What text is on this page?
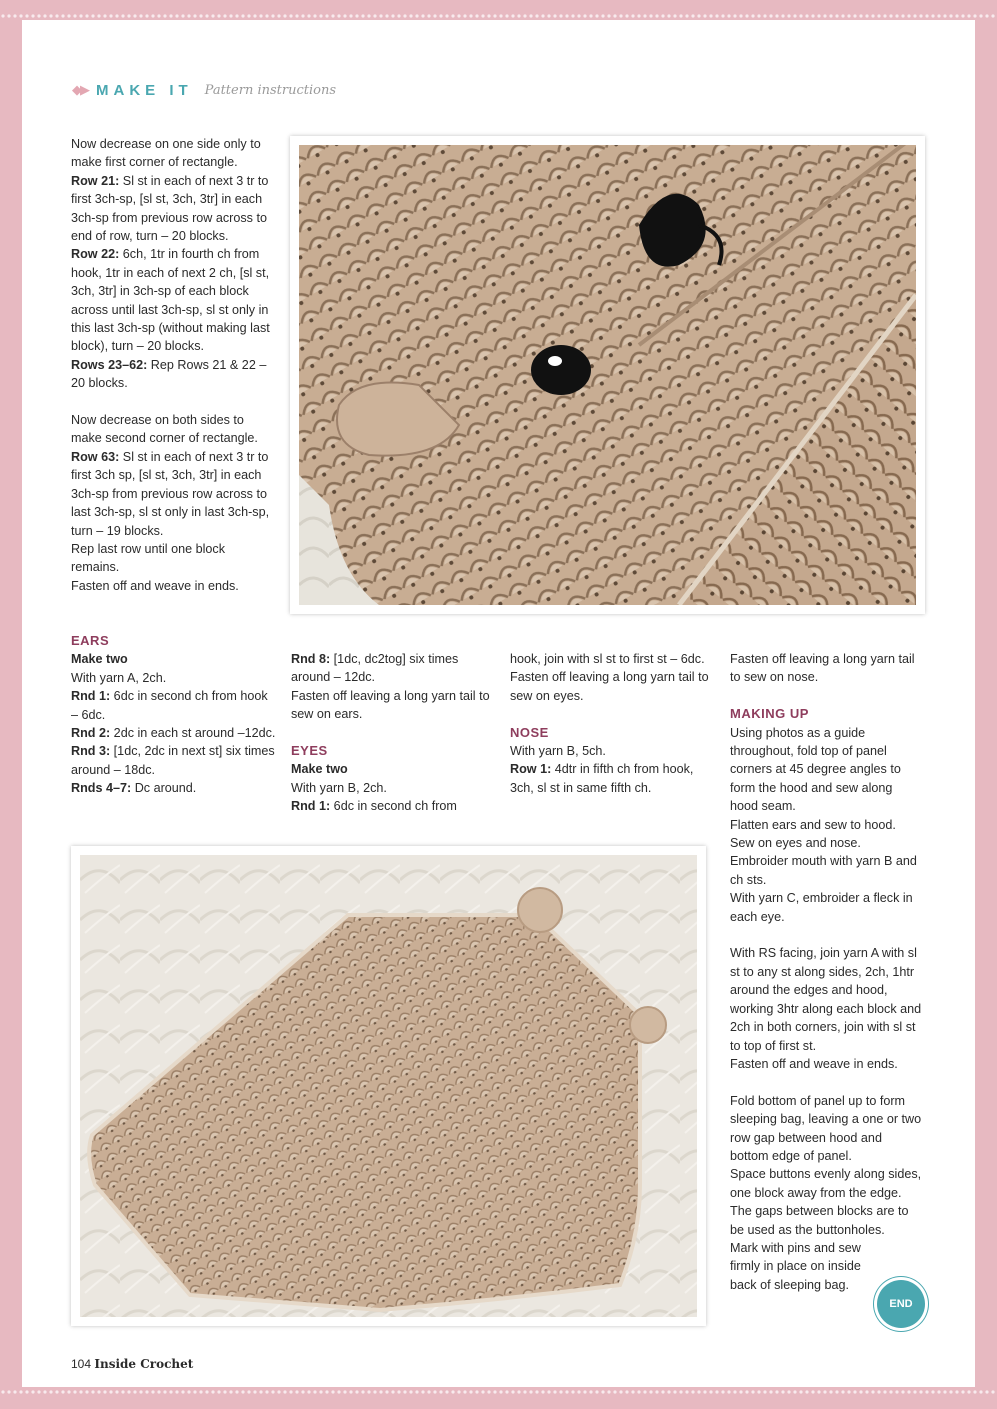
◆▶ MAKE IT Pattern instructions

Now decrease on one side only to make first corner of rectangle.

Row 21: Sl st in each of next 3 tr to first 3ch-sp, [sl st, 3ch, 3tr] in each 3ch-sp from previous row across to end of row, turn – 20 blocks.

Row 22: 6ch, 1tr in fourth ch from hook, 1tr in each of next 2 ch, [sl st, 3ch, 3tr] in 3ch-sp of each block across until last 3ch-sp, sl st only in this last 3ch-sp (without making last block), turn – 20 blocks.

Rows 23–62: Rep Rows 21 & 22 – 20 blocks.

Now decrease on both sides to make second corner of rectangle.

Row 63: Sl st in each of next 3 tr to first 3ch sp, [sl st, 3ch, 3tr] in each 3ch-sp from previous row across to last 3ch-sp, sl st only in last 3ch-sp, turn – 19 blocks.

Rep last row until one block remains.

Fasten off and weave in ends.

EARS

Make two

With yarn A, 2ch.

Rnd 1: 6dc in second ch from hook – 6dc.

Rnd 2: 2dc in each st around –12dc.

Rnd 3: [1dc, 2dc in next st] six times around – 18dc.

Rnds 4–7: Dc around.

Rnd 8: [1dc, dc2tog] six times around – 12dc.

Fasten off leaving a long yarn tail to sew on ears.

EYES

Make two

With yarn B, 2ch.

Rnd 1: 6dc in second ch from

hook, join with sl st to first st – 6dc.

Fasten off leaving a long yarn tail to sew on eyes.

NOSE

With yarn B, 5ch.

Row 1: 4dtr in fifth ch from hook, 3ch, sl st in same fifth ch.

Fasten off leaving a long yarn tail to sew on nose.

MAKING UP

Using photos as a guide throughout, fold top of panel corners at 45 degree angles to form the hood and sew along hood seam.

Flatten ears and sew to hood.

Sew on eyes and nose.

Embroider mouth with yarn B and ch sts.

With yarn C, embroider a fleck in each eye.

With RS facing, join yarn A with sl st to any st along sides, 2ch, 1htr around the edges and hood, working 3htr along each block and 2ch in both corners, join with sl st to top of first st.

Fasten off and weave in ends.

Fold bottom of panel up to form sleeping bag, leaving a one or two row gap between hood and bottom edge of panel.

Space buttons evenly along sides, one block away from the edge.

The gaps between blocks are to be used as the buttonholes.

Mark with pins and sew firmly in place on inside back of sleeping bag.

END
104 Inside Crochet
